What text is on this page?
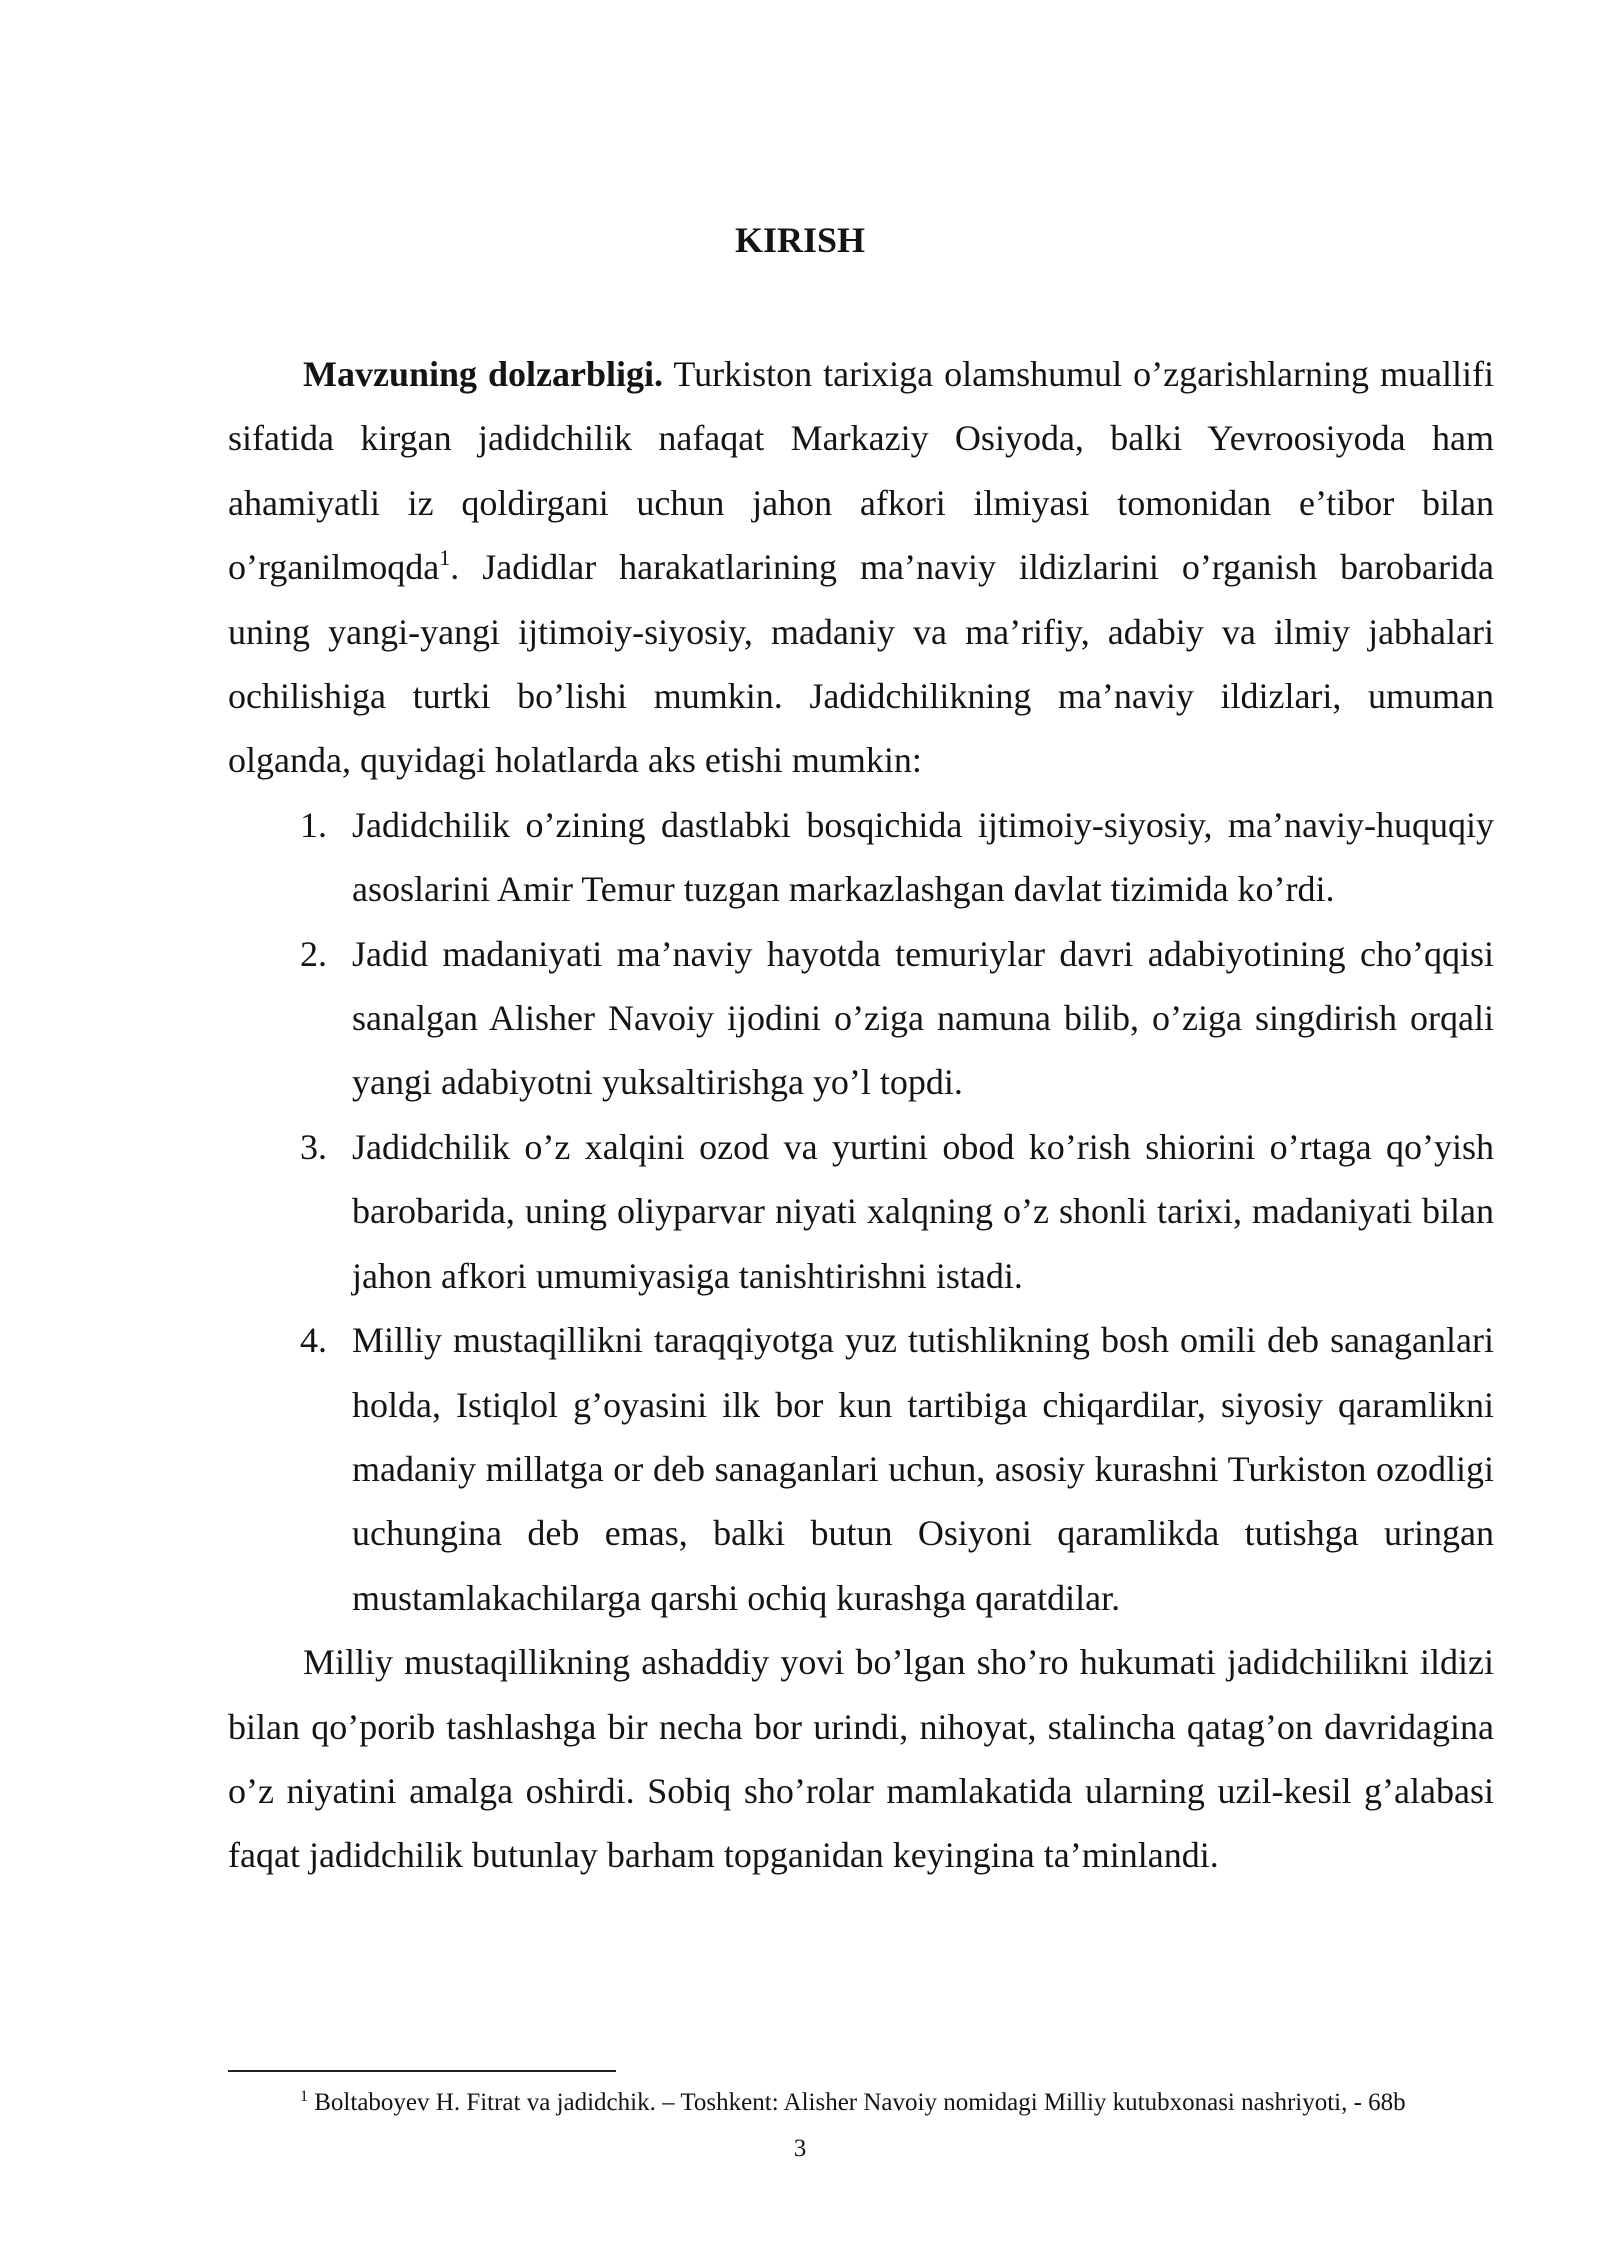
KIRISH

Mavzuning dolzarbligi. Turkiston tarixiga olamshumul o’zgarishlarning muallifi sifatida kirgan jadidchilik nafaqat Markaziy Osiyoda, balki Yevroosiyoda ham ahamiyatli iz qoldirgani uchun jahon afkori ilmiyasi tomonidan e’tibor bilan o’rganilmoqda$^1$. Jadidlar harakatlarining ma’naviy ildizlarini o’rganish barobarida uning yangi-yangi ijtimoiy-siyosiy, madaniy va ma’rifiy, adabiy va ilmiy jabhalari ochilishiga turtki bo’lishi mumkin. Jadidchilikning ma’naviy ildizlari, umuman olganda, quyidagi holatlarda aks etishi mumkin:

1. Jadidchilik o’zining dastlabki bosqichida ijtimoiy-siyosiy, ma’naviy-huquqiy asoslarini Amir Temur tuzgan markazlashgan davlat tizimida ko’rdi.
2. Jadid madaniyati ma’naviy hayotda temuriylar davri adabiyotining cho’qqisi sanalgan Alisher Navoiy ijodini o’ziga namuna bilib, o’ziga singdirish orqali yangi adabiyotni yuksaltirishga yo’l topdi.
3. Jadidchilik o’z xalqini ozod va yurtini obod ko’rish shiorini o’rtaga qo’yish barobarida, uning oliyparvar niyati xalqning o’z shonli tarixi, madaniyati bilan jahon afkori umumiyasiga tanishtirishni istadi.
4. Milliy mustaqillikni taraqqiyotga yuz tutishlikning bosh omili deb sanaganlari holda, Istiqlol g’oyasini ilk bor kun tartibiga chiqardilar, siyosiy qaramlikni madaniy millatga or deb sanaganlari uchun, asosiy kurashni Turkiston ozodligi uchungina deb emas, balki butun Osiyoni qaramlikda tutishga uringan mustamlakachilarga qarshi ochiq kurashga qaratdilar.

Milliy mustaqillikning ashaddiy yovi bo’lgan sho’ro hukumati jadidchilikni ildizi bilan qo’porib tashlashga bir necha bor urindi, nihoyat, stalincha qatag’on davridagina o’z niyatini amalga oshirdi. Sobiq sho’rolar mamlakatida ularning uzil-kesil g’alabasi faqat jadidchilik butunlay barham topganidan keyingina ta’minlandi.

$^1$ Boltaboyev H. Fitrat va jadidchik. – Toshkent: Alisher Navoiy nomidagi Milliy kutubxonasi nashriyoti, - 68b
3
